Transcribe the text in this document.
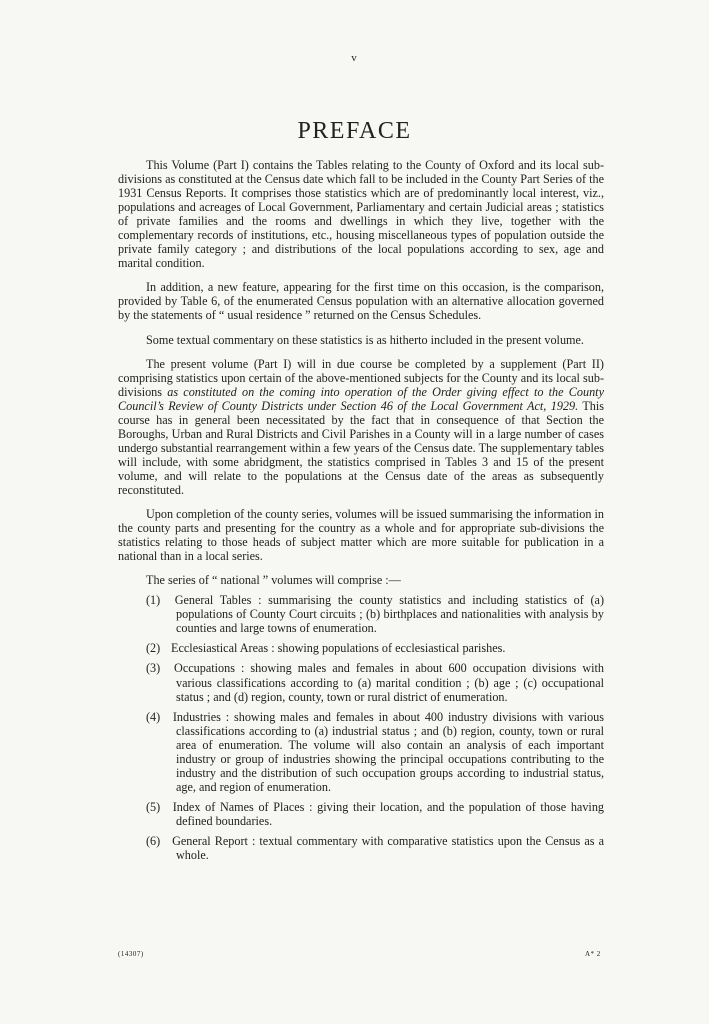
v
PREFACE

This Volume (Part I) contains the Tables relating to the County of Oxford and its local sub-divisions as constituted at the Census date which fall to be included in the County Part Series of the 1931 Census Reports. It comprises those statistics which are of predominantly local interest, viz., populations and acreages of Local Government, Parliamentary and certain Judicial areas ; statistics of private families and the rooms and dwellings in which they live, together with the complementary records of institutions, etc., housing miscellaneous types of population outside the private family category ; and distributions of the local populations according to sex, age and marital condition.

In addition, a new feature, appearing for the first time on this occasion, is the comparison, provided by Table 6, of the enumerated Census population with an alternative allocation governed by the statements of “ usual residence ” returned on the Census Schedules.

Some textual commentary on these statistics is as hitherto included in the present volume.

The present volume (Part I) will in due course be completed by a supplement (Part II) comprising statistics upon certain of the above-mentioned subjects for the County and its local sub-divisions as constituted on the coming into operation of the Order giving effect to the County Council’s Review of County Districts under Section 46 of the Local Government Act, 1929. This course has in general been necessitated by the fact that in consequence of that Section the Boroughs, Urban and Rural Districts and Civil Parishes in a County will in a large number of cases undergo substantial rearrangement within a few years of the Census date. The supplementary tables will include, with some abridgment, the statistics comprised in Tables 3 and 15 of the present volume, and will relate to the populations at the Census date of the areas as subsequently reconstituted.

Upon completion of the county series, volumes will be issued summarising the information in the county parts and presenting for the country as a whole and for appropriate sub-divisions the statistics relating to those heads of subject matter which are more suitable for publication in a national than in a local series.

The series of “ national ” volumes will comprise :—

(1) General Tables : summarising the county statistics and including statistics of (a) populations of County Court circuits ; (b) birthplaces and nationalities with analysis by counties and large towns of enumeration.
(2) Ecclesiastical Areas : showing populations of ecclesiastical parishes.
(3) Occupations : showing males and females in about 600 occupation divisions with various classifications according to (a) marital condition ; (b) age ; (c) occupational status ; and (d) region, county, town or rural district of enumeration.
(4) Industries : showing males and females in about 400 industry divisions with various classifications according to (a) industrial status ; and (b) region, county, town or rural area of enumeration. The volume will also contain an analysis of each important industry or group of industries showing the principal occupations contributing to the industry and the distribution of such occupation groups according to industrial status, age, and region of enumeration.
(5) Index of Names of Places : giving their location, and the population of those having defined boundaries.
(6) General Report : textual commentary with comparative statistics upon the Census as a whole.
(14307)	A* 2
